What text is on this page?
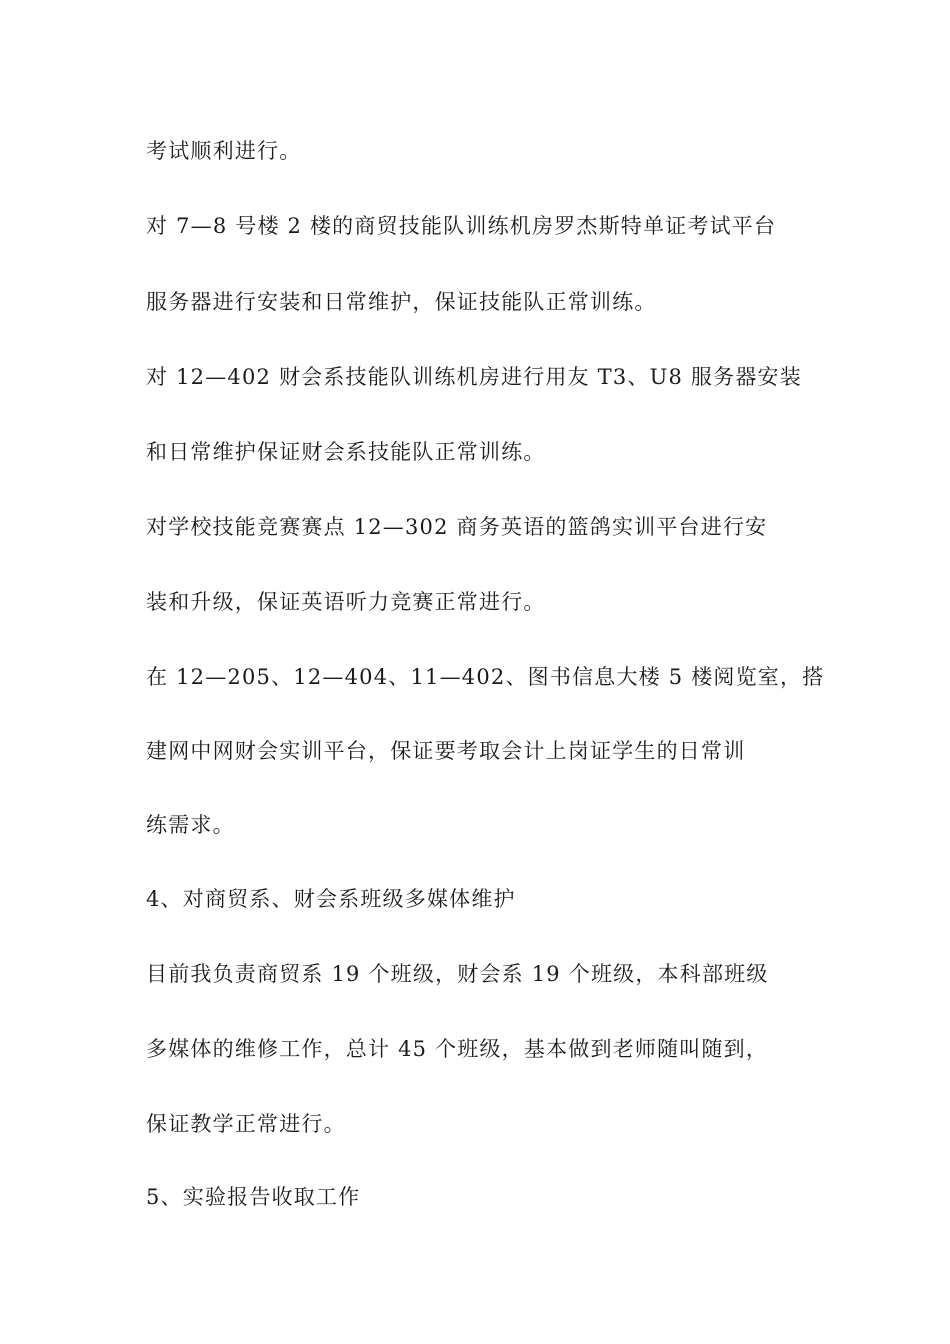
考试顺利进行。
对 7—8 号楼 2 楼的商贸技能队训练机房罗杰斯特单证考试平台
服务器进行安装和日常维护，保证技能队正常训练。
对 12—402 财会系技能队训练机房进行用友 T3、U8 服务器安装
和日常维护保证财会系技能队正常训练。
对学校技能竞赛赛点 12—302 商务英语的篮鸽实训平台进行安
装和升级，保证英语听力竞赛正常进行。
在 12—205、12—404、11—402、图书信息大楼 5 楼阅览室，搭
建网中网财会实训平台，保证要考取会计上岗证学生的日常训
练需求。
4、对商贸系、财会系班级多媒体维护
目前我负责商贸系 19 个班级，财会系 19 个班级，本科部班级
多媒体的维修工作，总计 45 个班级，基本做到老师随叫随到，
保证教学正常进行。
5、实验报告收取工作
